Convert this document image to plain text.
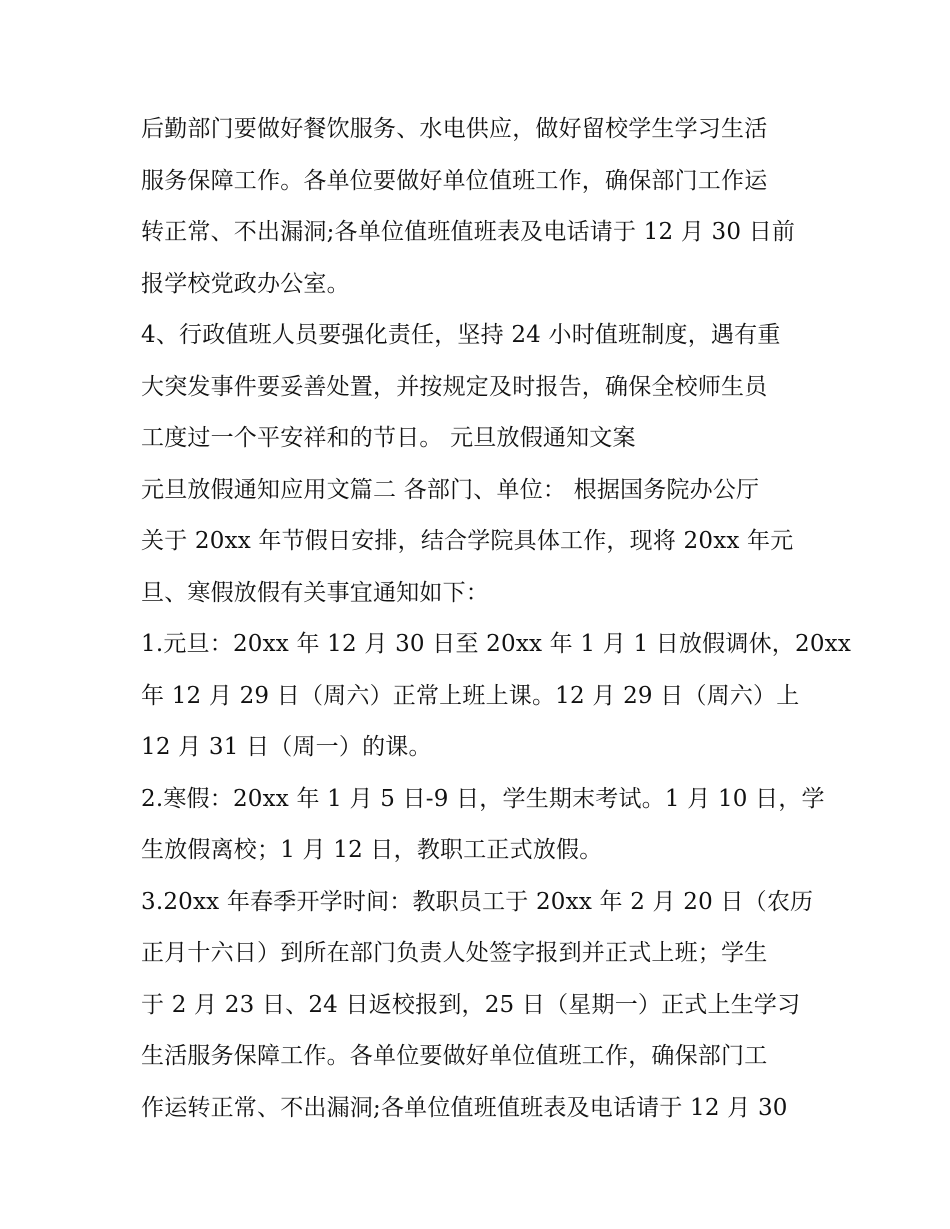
后勤部门要做好餐饮服务、水电供应，做好留校学生学习生活
服务保障工作。各单位要做好单位值班工作，确保部门工作运
转正常、不出漏洞;各单位值班值班表及电话请于 12 月 30 日前
报学校党政办公室。
4、行政值班人员要强化责任，坚持 24 小时值班制度，遇有重
大突发事件要妥善处置，并按规定及时报告，确保全校师生员
工度过一个平安祥和的节日。 元旦放假通知文案
元旦放假通知应用文篇二 各部门、单位： 根据国务院办公厅
关于 20xx 年节假日安排，结合学院具体工作，现将 20xx 年元
旦、寒假放假有关事宜通知如下：
1.元旦：20xx 年 12 月 30 日至 20xx 年 1 月 1 日放假调休，20xx
年 12 月 29 日（周六）正常上班上课。12 月 29 日（周六）上
12 月 31 日（周一）的课。
2.寒假：20xx 年 1 月 5 日-9 日，学生期末考试。1 月 10 日，学
生放假离校；1 月 12 日，教职工正式放假。
3.20xx 年春季开学时间：教职员工于 20xx 年 2 月 20 日（农历
正月十六日）到所在部门负责人处签字报到并正式上班；学生
于 2 月 23 日、24 日返校报到，25 日（星期一）正式上生学习
生活服务保障工作。各单位要做好单位值班工作，确保部门工
作运转正常、不出漏洞;各单位值班值班表及电话请于 12 月 30
